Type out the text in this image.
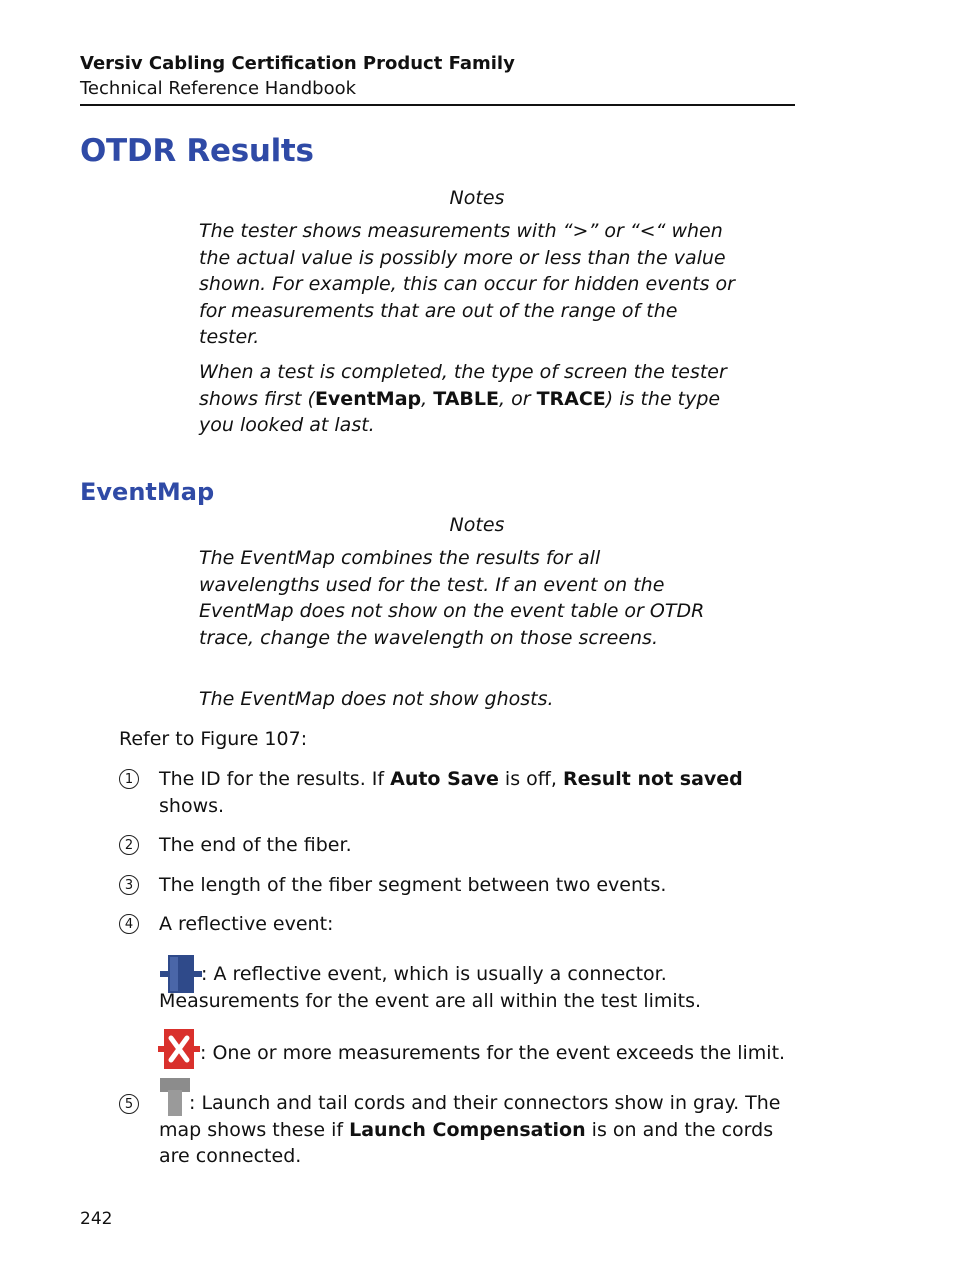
Versiv Cabling Certification Product Family
Technical Reference Handbook
OTDR Results
Notes
The tester shows measurements with “>” or “<“ when the actual value is possibly more or less than the value shown. For example, this can occur for hidden events or for measurements that are out of the range of the tester.
When a test is completed, the type of screen the tester shows first (EventMap, TABLE, or TRACE) is the type you looked at last.
EventMap
Notes
The EventMap combines the results for all wavelengths used for the test. If an event on the EventMap does not show on the event table or OTDR trace, change the wavelength on those screens.
The EventMap does not show ghosts.
Refer to Figure 107:
1	The ID for the results. If Auto Save is off, Result not saved shows.
2	The end of the fiber.
3	The length of the fiber segment between two events.
4	A reflective event:
: A reflective event, which is usually a connector. Measurements for the event are all within the test limits.
: One or more measurements for the event exceeds the limit.
5	: Launch and tail cords and their connectors show in gray. The map shows these if Launch Compensation is on and the cords are connected.
242
